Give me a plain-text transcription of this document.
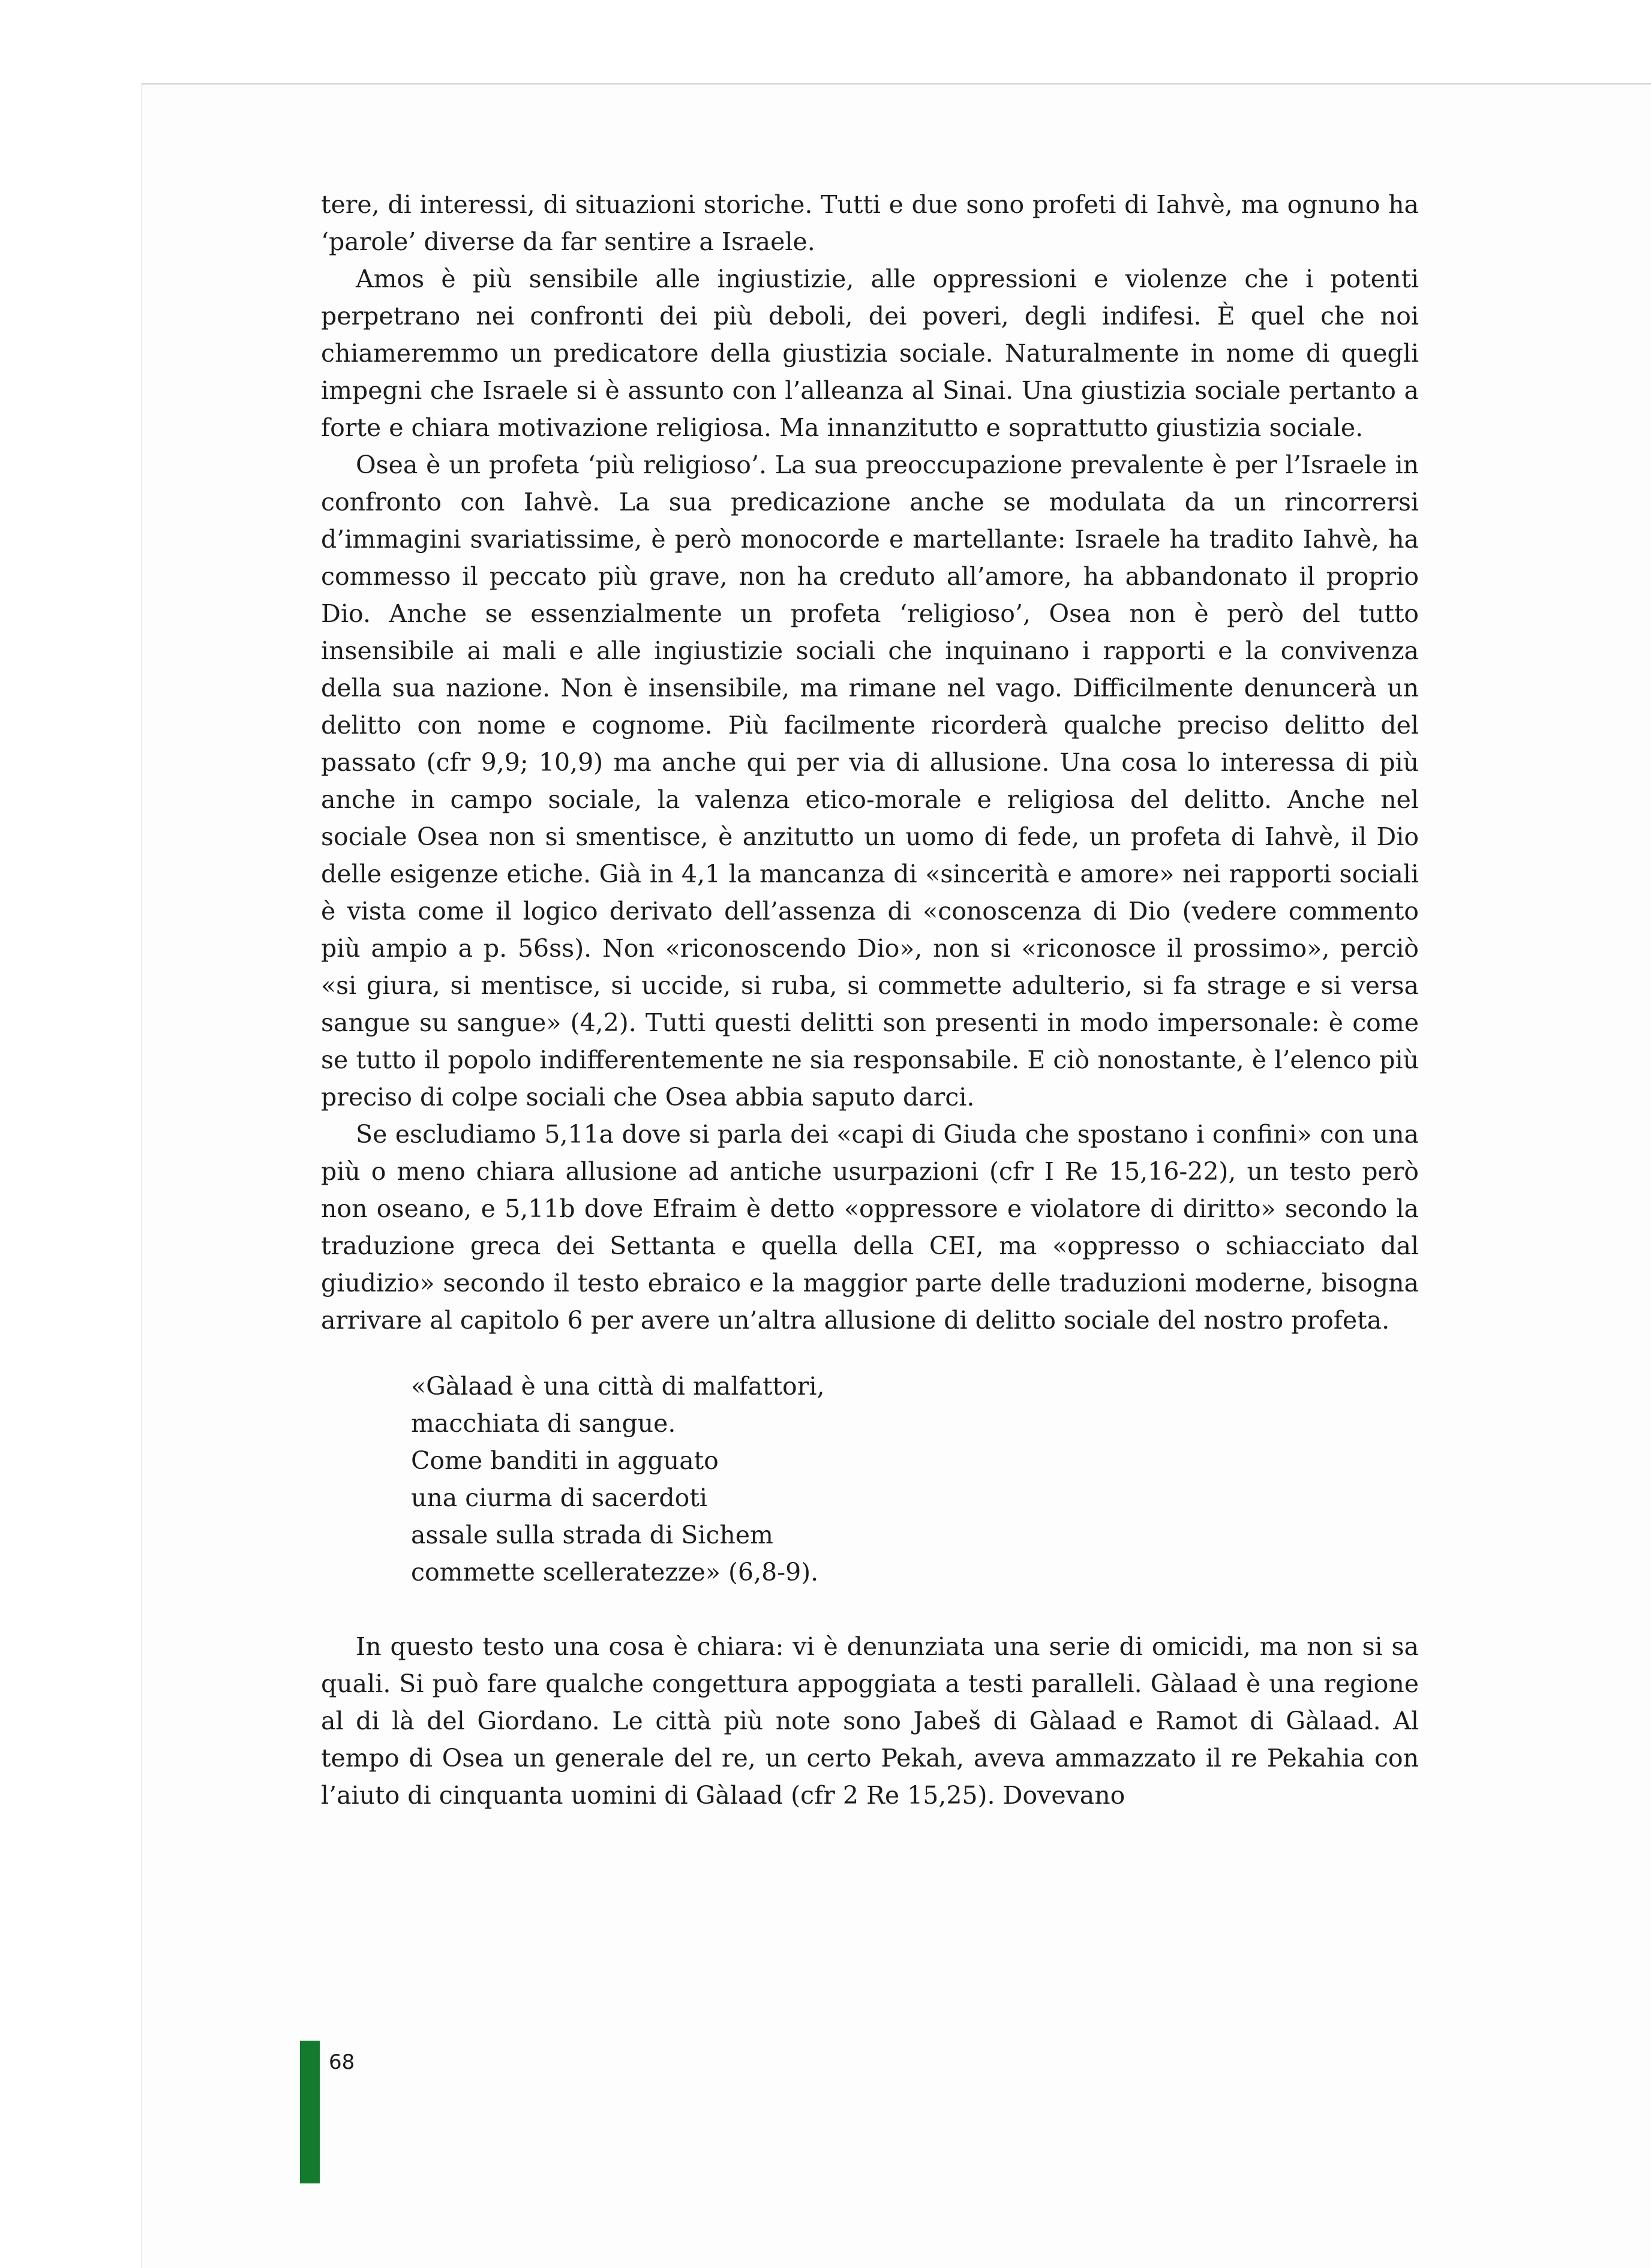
tere, di interessi, di situazioni storiche. Tutti e due sono profeti di Iahvè, ma ognuno ha ‘parole’ diverse da far sentire a Israele.

Amos è più sensibile alle ingiustizie, alle oppressioni e violenze che i potenti perpetrano nei confronti dei più deboli, dei poveri, degli indifesi. È quel che noi chiameremmo un predicatore della giustizia sociale. Naturalmente in nome di quegli impegni che Israele si è assunto con l’alleanza al Sinai. Una giustizia sociale pertanto a forte e chiara motivazione religiosa. Ma innanzitutto e soprattutto giustizia sociale.

Osea è un profeta ‘più religioso’. La sua preoccupazione prevalente è per l’Israele in confronto con Iahvè. La sua predicazione anche se modulata da un rincorrersi d’immagini svariatissime, è però monocorde e martellante: Israele ha tradito Iahvè, ha commesso il peccato più grave, non ha creduto all’amore, ha abbandonato il proprio Dio. Anche se essenzialmente un profeta ‘religioso’, Osea non è però del tutto insensibile ai mali e alle ingiustizie sociali che inquinano i rapporti e la convivenza della sua nazione. Non è insensibile, ma rimane nel vago. Difficilmente denuncerà un delitto con nome e cognome. Più facilmente ricorderà qualche preciso delitto del passato (cfr 9,9; 10,9) ma anche qui per via di allusione. Una cosa lo interessa di più anche in campo sociale, la valenza etico-morale e religiosa del delitto. Anche nel sociale Osea non si smentisce, è anzitutto un uomo di fede, un profeta di Iahvè, il Dio delle esigenze etiche. Già in 4,1 la mancanza di «sincerità e amore» nei rapporti sociali è vista come il logico derivato dell’assenza di «conoscenza di Dio (vedere commento più ampio a p. 56ss). Non «riconoscendo Dio», non si «riconosce il prossimo», perciò «si giura, si mentisce, si uccide, si ruba, si commette adulterio, si fa strage e si versa sangue su sangue» (4,2). Tutti questi delitti son presenti in modo impersonale: è come se tutto il popolo indifferentemente ne sia responsabile. E ciò nonostante, è l’elenco più preciso di colpe sociali che Osea abbia saputo darci.

Se escludiamo 5,11a dove si parla dei «capi di Giuda che spostano i confini» con una più o meno chiara allusione ad antiche usurpazioni (cfr I Re 15,16-22), un testo però non oseano, e 5,11b dove Efraim è detto «oppressore e violatore di diritto» secondo la traduzione greca dei Settanta e quella della CEI, ma «oppresso o schiacciato dal giudizio» secondo il testo ebraico e la maggior parte delle traduzioni moderne, bisogna arrivare al capitolo 6 per avere un’altra allusione di delitto sociale del nostro profeta.

«Gàlaad è una città di malfattori,
macchiata di sangue.
Come banditi in agguato
una ciurma di sacerdoti
assale sulla strada di Sichem
commette scelleratezze» (6,8-9).

In questo testo una cosa è chiara: vi è denunziata una serie di omicidi, ma non si sa quali. Si può fare qualche congettura appoggiata a testi paralleli. Gàlaad è una regione al di là del Giordano. Le città più note sono Jabeš di Gàlaad e Ramot di Gàlaad. Al tempo di Osea un generale del re, un certo Pekah, aveva ammazzato il re Pekahia con l’aiuto di cinquanta uomini di Gàlaad (cfr 2 Re 15,25). Dovevano

68
